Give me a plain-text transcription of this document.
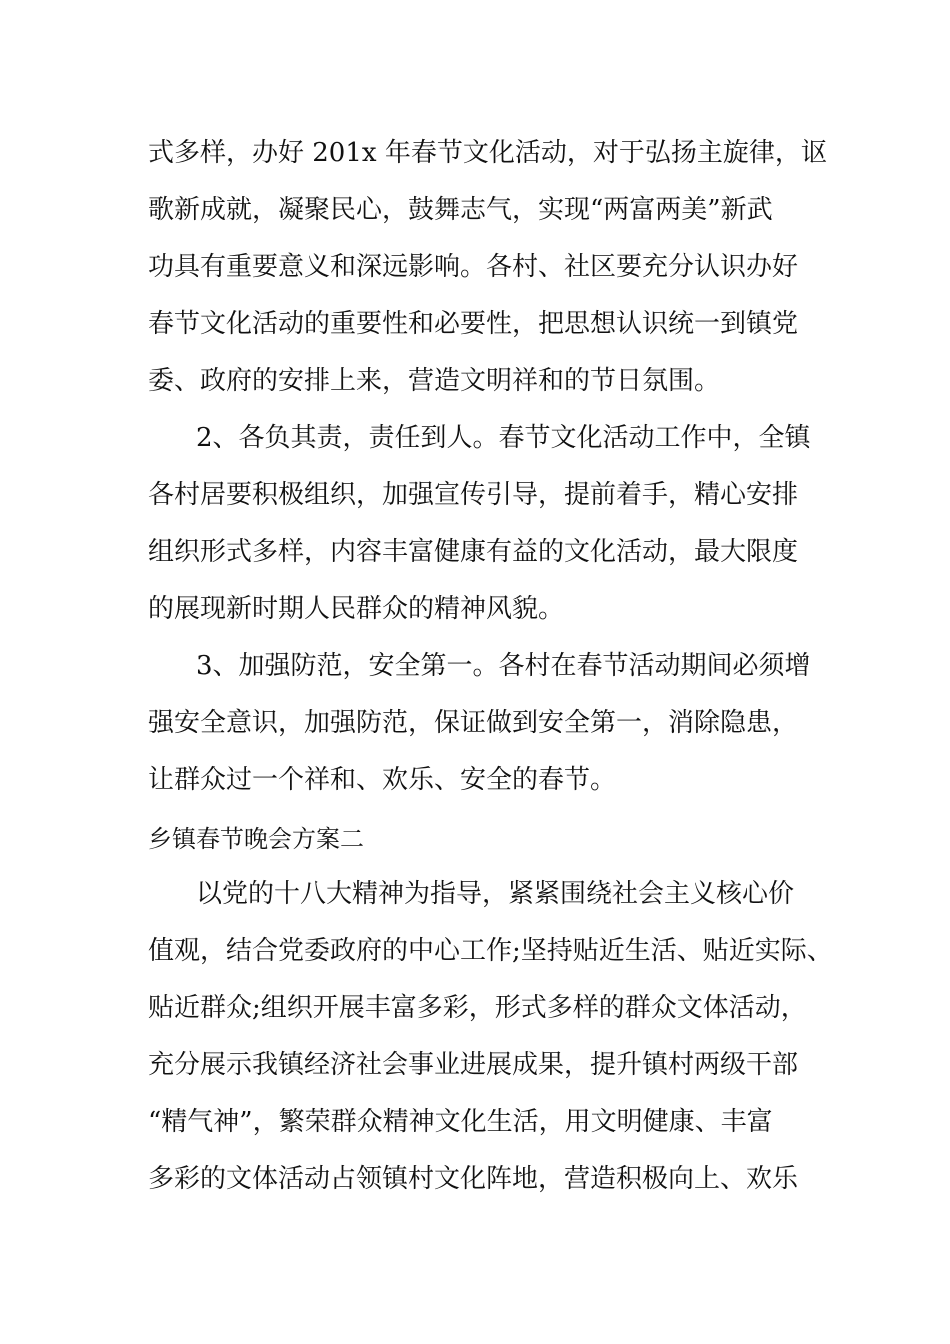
式多样，办好 201x 年春节文化活动，对于弘扬主旋律，讴
歌新成就，凝聚民心，鼓舞志气，实现“两富两美”新武
功具有重要意义和深远影响。各村、社区要充分认识办好
春节文化活动的重要性和必要性，把思想认识统一到镇党
委、政府的安排上来，营造文明祥和的节日氛围。
2、各负其责，责任到人。春节文化活动工作中，全镇
各村居要积极组织，加强宣传引导，提前着手，精心安排
组织形式多样，内容丰富健康有益的文化活动，最大限度
的展现新时期人民群众的精神风貌。
3、加强防范，安全第一。各村在春节活动期间必须增
强安全意识，加强防范，保证做到安全第一，消除隐患，
让群众过一个祥和、欢乐、安全的春节。
乡镇春节晚会方案二
以党的十八大精神为指导，紧紧围绕社会主义核心价
值观，结合党委政府的中心工作;坚持贴近生活、贴近实际、
贴近群众;组织开展丰富多彩，形式多样的群众文体活动，
充分展示我镇经济社会事业进展成果，提升镇村两级干部
“精气神”，繁荣群众精神文化生活，用文明健康、丰富
多彩的文体活动占领镇村文化阵地，营造积极向上、欢乐
